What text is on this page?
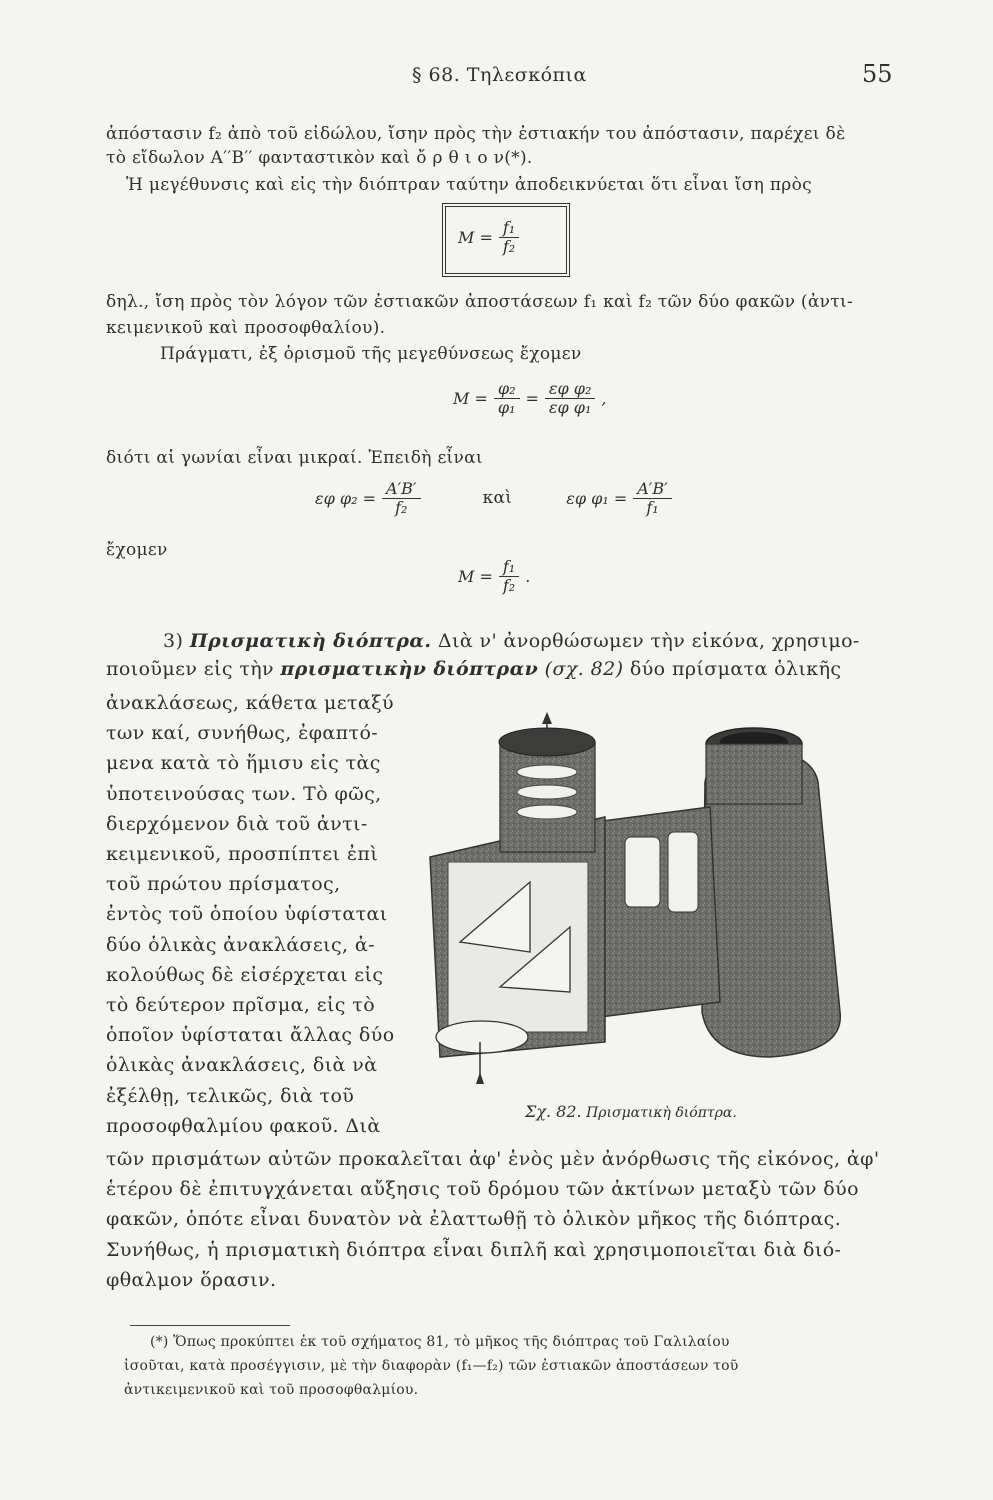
§ 68. Τηλεσκόπια	55
ἀπόστασιν f₂ ἀπὸ τοῦ εἰδώλου, ἴσην πρὸς τὴν ἐστιακήν του ἀπόστασιν, παρέχει δὲ
τὸ εἴδωλον A′′B′′ φανταστικὸν καὶ ὄ ρ θ ι ο ν(*).
Ἡ μεγέθυνσις καὶ εἰς τὴν διόπτραν ταύτην ἀποδεικνύεται ὅτι εἶναι ἴση πρὸς
$M = \frac{\text{f₁}}{\text{f₂}}$
δηλ., ἴση πρὸς τὸν λόγον τῶν ἐστιακῶν ἀποστάσεων f₁ καὶ f₂ τῶν δύο φακῶν (ἀντι-
κειμενικοῦ καὶ προσοφθαλίου).
Πράγματι, ἐξ ὁρισμοῦ τῆς μεγεθύνσεως ἔχομεν
$M = \frac{\text{φ₂}}{\text{φ₁}} = \frac{\text{εφ φ₂}}{\text{εφ φ₁}}$ ,
διότι αἱ γωνίαι εἶναι μικραί. Ἐπειδὴ εἶναι
εφ $\varphi_2 = \frac{A'B'}{\text{f₂}}$	καὶ	εφ $\varphi_1 = \frac{A'B'}{\text{f₁}}$
ἔχομεν
$M = \frac{\text{f₁}}{\text{f₂}}$ .
3) Πρισματικὴ διόπτρα. Διὰ ν' ἀνορθώσωμεν τὴν εἰκόνα, χρησιμο-
ποιοῦμεν εἰς τὴν πρισματικὴν διόπτραν (σχ. 82) δύο πρίσματα ὁλικῆς
ἀνακλάσεως, κάθετα μεταξύ
των καί, συνήθως, ἐφαπτό-
μενα κατὰ τὸ ἥμισυ εἰς τὰς
ὑποτεινούσας των. Τὸ φῶς,
διερχόμενον διὰ τοῦ ἀντι-
κειμενικοῦ, προσπίπτει ἐπὶ
τοῦ πρώτου πρίσματος,
ἐντὸς τοῦ ὁποίου ὑφίσταται
δύο ὁλικὰς ἀνακλάσεις, ἀ-
κολούθως δὲ εἰσέρχεται εἰς
τὸ δεύτερον πρῖσμα, εἰς τὸ
ὁποῖον ὑφίσταται ἄλλας δύο
ὁλικὰς ἀνακλάσεις, διὰ νὰ
ἐξέλθῃ, τελικῶς, διὰ τοῦ
προσοφθαλμίου φακοῦ. Διὰ
Σχ. 82. Πρισματικὴ διόπτρα.
τῶν πρισμάτων αὐτῶν προκαλεῖται ἀφ' ἑνὸς μὲν ἀνόρθωσις τῆς εἰκόνος, ἀφ'
ἑτέρου δὲ ἐπιτυγχάνεται αὔξησις τοῦ δρόμου τῶν ἀκτίνων μεταξὺ τῶν δύο
φακῶν, ὁπότε εἶναι δυνατὸν νὰ ἐλαττωθῇ τὸ ὁλικὸν μῆκος τῆς διόπτρας.
Συνήθως, ἡ πρισματικὴ διόπτρα εἶναι διπλῆ καὶ χρησιμοποιεῖται διὰ διό-
φθαλμον ὅρασιν.
(*) Ὅπως προκύπτει ἐκ τοῦ σχήματος 81, τὸ μῆκος τῆς διόπτρας τοῦ Γαλιλαίου
ἰσοῦται, κατὰ προσέγγισιν, μὲ τὴν διαφορὰν (f₁—f₂) τῶν ἐστιακῶν ἀποστάσεων τοῦ
ἀντικειμενικοῦ καὶ τοῦ προσοφθαλμίου.
